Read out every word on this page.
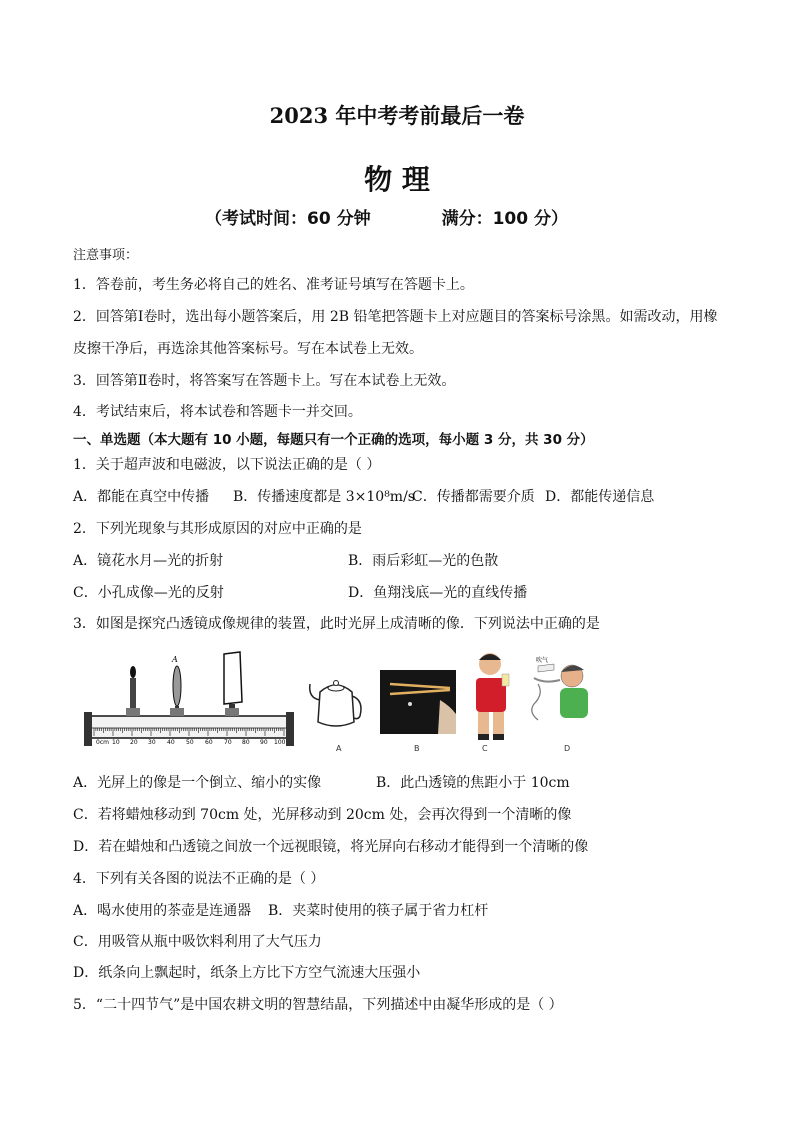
2023 年中考考前最后一卷
物 理
（考试时间：60 分钟            满分：100 分）
注意事项：
1．答卷前，考生务必将自己的姓名、准考证号填写在答题卡上。
2．回答第Ⅰ卷时，选出每小题答案后，用 2B 铅笔把答题卡上对应题目的答案标号涂黑。如需改动，用橡
皮擦干净后，再选涂其他答案标号。写在本试卷上无效。
3．回答第Ⅱ卷时，将答案写在答题卡上。写在本试卷上无效。
4．考试结束后，将本试卷和答题卡一并交回。
一、单选题（本大题有 10 小题，每题只有一个正确的选项，每小题 3 分，共 30 分）
1．关于超声波和电磁波，以下说法正确的是（ ）
A．都能在真空中传播 B．传播速度都是 3×10⁸m/s
C．传播都需要介质 D．都能传递信息
2．下列光现象与其形成原因的对应中正确的是
A．镜花水月—光的折射	B．雨后彩虹—光的色散
C．小孔成像—光的反射	D．鱼翔浅底—光的直线传播
3．如图是探究凸透镜成像规律的装置，此时光屏上成清晰的像．下列说法中正确的是
A
0cm 10 20 30 40 50 60 70 80 90 100
A	B	C
吹气
D
A．光屏上的像是一个倒立、缩小的实像	B．此凸透镜的焦距小于 10cm
C．若将蜡烛移动到 70cm 处，光屏移动到 20cm 处，会再次得到一个清晰的像
D．若在蜡烛和凸透镜之间放一个远视眼镜，将光屏向右移动才能得到一个清晰的像
4．下列有关各图的说法不正确的是（ ）
A．喝水使用的茶壶是连通器 B．夹菜时使用的筷子属于省力杠杆
C．用吸管从瓶中吸饮料利用了大气压力
D．纸条向上飘起时，纸条上方比下方空气流速大压强小
5．“二十四节气”是中国农耕文明的智慧结晶，下列描述中由凝华形成的是（ ）
